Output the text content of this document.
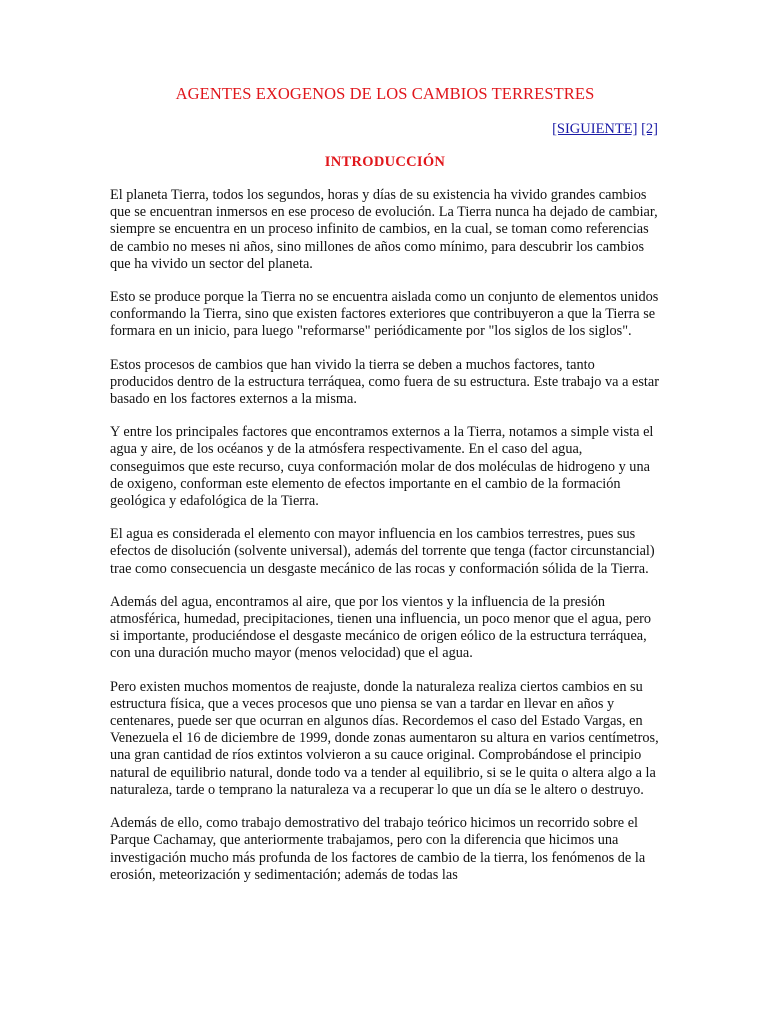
AGENTES EXOGENOS DE LOS CAMBIOS TERRESTRES
[SIGUIENTE] [2]
INTRODUCCIÓN

El planeta Tierra, todos los segundos, horas y días de su existencia ha vivido grandes cambios que se encuentran inmersos en ese proceso de evolución. La Tierra nunca ha dejado de cambiar, siempre se encuentra en un proceso infinito de cambios, en la cual, se toman como referencias de cambio no meses ni años, sino millones de años como mínimo, para descubrir los cambios que ha vivido un sector del planeta.

Esto se produce porque la Tierra no se encuentra aislada como un conjunto de elementos unidos conformando la Tierra, sino que existen factores exteriores que contribuyeron a que la Tierra se formara en un inicio, para luego "reformarse" periódicamente por "los siglos de los siglos".

Estos procesos de cambios que han vivido la tierra se deben a muchos factores, tanto producidos dentro de la estructura terráquea, como fuera de su estructura. Este trabajo va a estar basado en los factores externos a la misma.

Y entre los principales factores que encontramos externos a la Tierra, notamos a simple vista el agua y aire, de los océanos y de la atmósfera respectivamente. En el caso del agua, conseguimos que este recurso, cuya conformación molar de dos moléculas de hidrogeno y una de oxigeno, conforman este elemento de efectos importante en el cambio de la formación geológica y edafológica de la Tierra.

El agua es considerada el elemento con mayor influencia en los cambios terrestres, pues sus efectos de disolución (solvente universal), además del torrente que tenga (factor circunstancial) trae como consecuencia un desgaste mecánico de las rocas y conformación sólida de la Tierra.

Además del agua, encontramos al aire, que por los vientos y la influencia de la presión atmosférica, humedad, precipitaciones, tienen una influencia, un poco menor que el agua, pero si importante, produciéndose el desgaste mecánico de origen eólico de la estructura terráquea, con una duración mucho mayor (menos velocidad) que el agua.

Pero existen muchos momentos de reajuste, donde la naturaleza realiza ciertos cambios en su estructura física, que a veces procesos que uno piensa se van a tardar en llevar en años y centenares, puede ser que ocurran en algunos días. Recordemos el caso del Estado Vargas, en Venezuela el 16 de diciembre de 1999, donde zonas aumentaron su altura en varios centímetros, una gran cantidad de ríos extintos volvieron a su cauce original. Comprobándose el principio natural de equilibrio natural, donde todo va a tender al equilibrio, si se le quita o altera algo a la naturaleza, tarde o temprano la naturaleza va a recuperar lo que un día se le altero o destruyo.

Además de ello, como trabajo demostrativo del trabajo teórico hicimos un recorrido sobre el Parque Cachamay, que anteriormente trabajamos, pero con la diferencia que hicimos una investigación mucho más profunda de los factores de cambio de la tierra, los fenómenos de la erosión, meteorización y sedimentación; además de todas las
